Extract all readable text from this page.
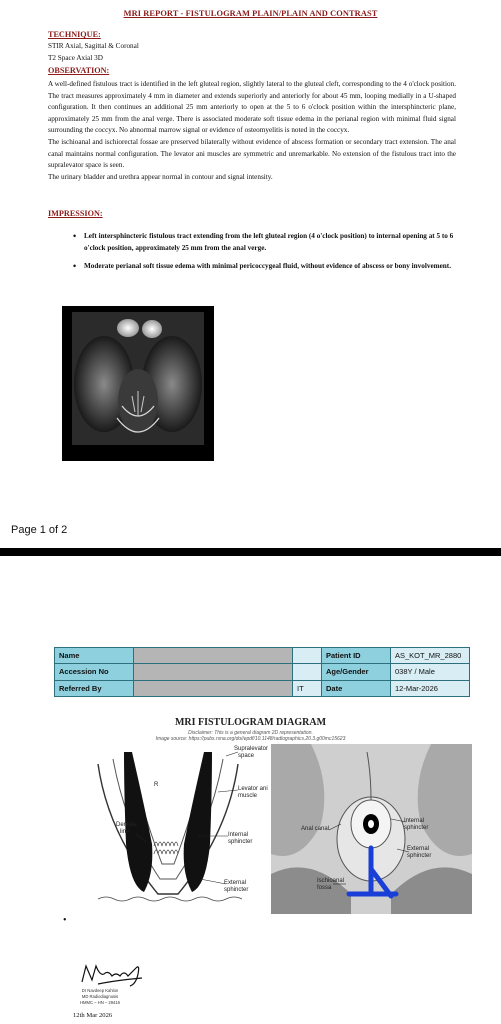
MRI REPORT - FISTULOGRAM PLAIN/PLAIN AND CONTRAST
TECHNIQUE:
STIR Axial, Sagittal & Coronal
T2 Space Axial 3D
OBSERVATION:

A well-defined fistulous tract is identified in the left gluteal region, slightly lateral to the gluteal cleft, corresponding to the 4 o'clock position. The tract measures approximately 4 mm in diameter and extends superiorly and anteriorly for about 45 mm, looping medially in a U-shaped configuration. It then continues an additional 25 mm anteriorly to open at the 5 to 6 o'clock position within the intersphincteric plane, approximately 25 mm from the anal verge. There is associated moderate soft tissue edema in the perianal region with minimal fluid signal surrounding the coccyx. No abnormal marrow signal or evidence of osteomyelitis is noted in the coccyx.

The ischioanal and ischiorectal fossae are preserved bilaterally without evidence of abscess formation or secondary tract extension. The anal canal maintains normal configuration. The levator ani muscles are symmetric and unremarkable. No extension of the fistulous tract into the supralevator space is seen.

The urinary bladder and urethra appear normal in contour and signal intensity.

IMPRESSION:
• Left intersphincteric fistulous tract extending from the left gluteal region (4 o'clock position) to internal opening at 5 to 6 o'clock position, approximately 25 mm from the anal verge.
• Moderate perianal soft tissue edema with minimal pericoccygeal fluid, without evidence of abscess or bony involvement.
Page 1 of 2
Name			Patient ID	AS_KOT_MR_2880
Accession No			Age/Gender	038Y / Male
Referred By		IT	Date	12-Mar-2026
MRI FISTULOGRAM DIAGRAM
Disclaimer: This is a general diagram 2D representation.
Image source: https://pubs.rsna.org/doi/epdf/10.1148/radiographics.20.3.g00mc15623
Supralevator
space
R
Levator ani
muscle
Dentate
line	Internal
sphincter
External
sphincter
Anal canal
Internal
sphincter
External
sphincter
Ischioanal
fossa
•
Dr Navdeep Kahlon
MD Radiodiagnosis
HMMC – HN – 29416
12th Mar 2026
